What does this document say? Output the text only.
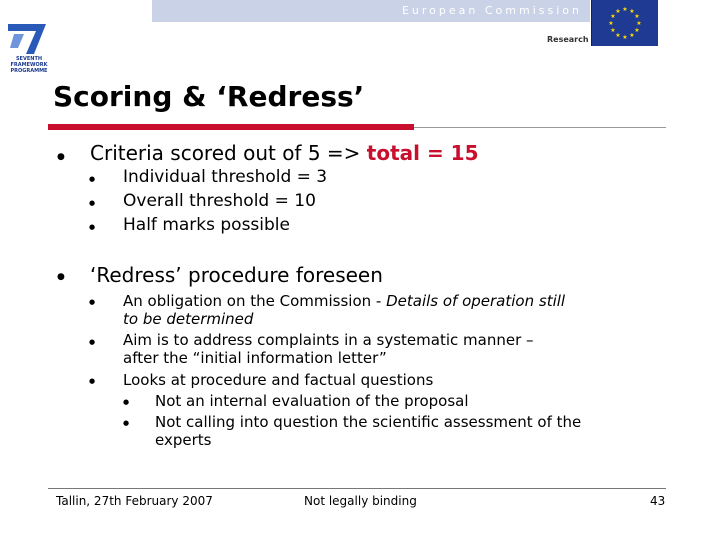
SEVENTH FRAMEWORK PROGRAMME
European Commission
Research
★ ★
★
★
★
★
★
★
★
★
★
★
Scoring & ‘Redress’
● Criteria scored out of 5 => total = 15
● Individual threshold = 3
● Overall threshold = 10
● Half marks possible
● ‘Redress’ procedure foreseen
● An obligation on the Commission - Details of operation still
to be determined
● Aim is to address complaints in a systematic manner –
after the “initial information letter”
● Looks at procedure and factual questions
● Not an internal evaluation of the proposal
● Not calling into question the scientific assessment of the
experts
Tallin, 27th February 2007	Not legally binding	43
